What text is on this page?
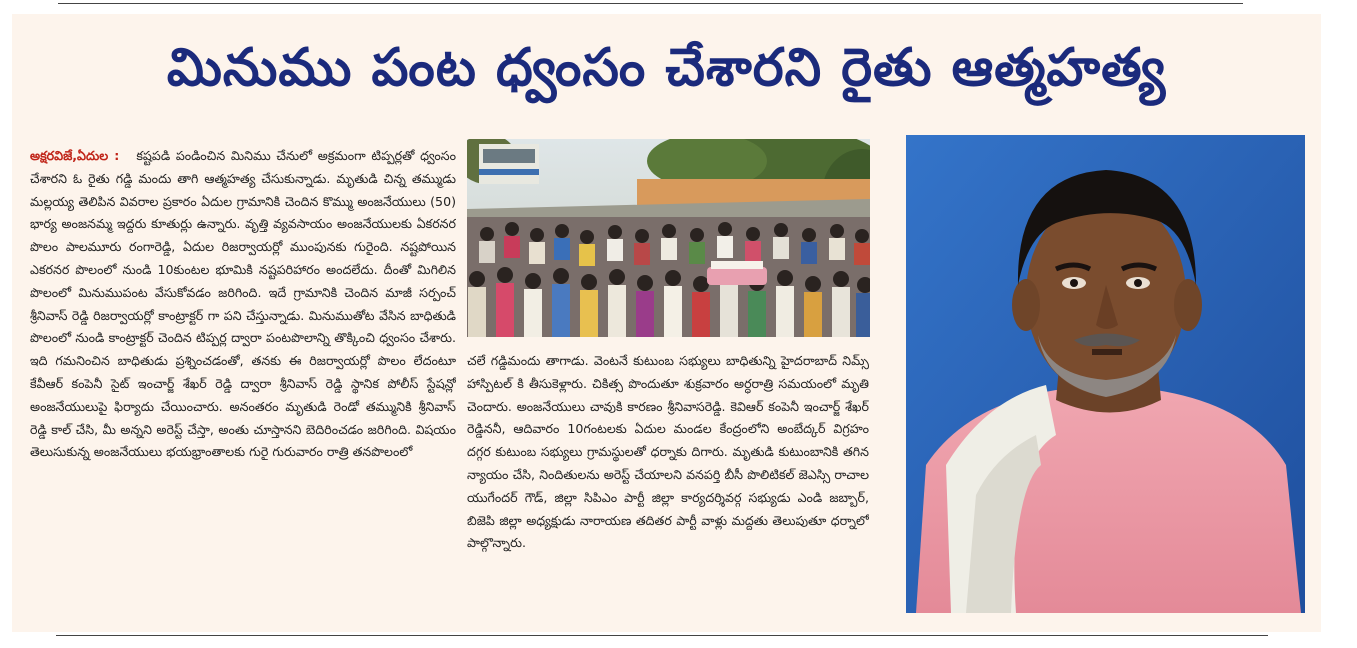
మినుము పంట ధ్వంసం చేశారని రైతు ఆత్మహత్య
అక్షరవిజే,ఏదుల : కష్టపడి పండించిన మినిము చేనులో అక్రమంగా టిప్పర్లతో ధ్వంసం చేశారని ఓ రైతు గడ్డి మందు తాగి ఆత్మహత్య చేసుకున్నాడు. మృతుడి చిన్న తమ్ముడు మల్లయ్య తెలిపిన వివరాల ప్రకారం ఏదుల గ్రామానికి చెందిన కొమ్ము అంజనేయులు (50) భార్య అంజనమ్మ ఇద్దరు కూతుర్లు ఉన్నారు. వృత్తి వ్యవసాయం అంజనేయులకు ఏకరనర పొలం పాలమూరు రంగారెడ్డి, ఏదుల రిజర్వాయర్లో ముంపునకు గురైంది. నష్టపోయిన ఎకరనర పొలంలో నుండి 10కుంటల భూమికి నష్టపరిహారం అందలేదు. దీంతో మిగిలిన పొలంలో మినుముపంట వేసుకోవడం జరిగింది. ఇదే గ్రామానికి చెందిన మాజీ సర్పంచ్ శ్రీనివాస్ రెడ్డి రిజర్వాయర్లో కాంట్రాక్టర్ గా పని చేస్తున్నాడు. మినుముతోట వేసిన బాధితుడి పొలంలో నుండి కాంట్రాక్టర్ చెందిన టిప్పర్ల ద్వారా పంటపొలాన్ని తొక్కించి ధ్వంసం చేశారు. ఇది గమనించిన బాధితుడు ప్రశ్నించడంతో, తనకు ఈ రిజర్వాయర్లో పొలం లేదంటూ కేవీఆర్ కంపెనీ సైట్ ఇంచార్జ్ శేఖర్ రెడ్డి ద్వారా శ్రీనివాస్ రెడ్డి స్థానిక పోలీస్ స్టేషన్లో అంజనేయులుపై ఫిర్యాదు చేయించారు. అనంతరం మృతుడి రెండో తమ్మునికి శ్రీనివాస్ రెడ్డి కాల్ చేసి, మీ అన్నని అరెస్ట్ చేస్తా, అంతు చూస్తానని బెదిరించడం జరిగింది. విషయం తెలుసుకున్న అంజనేయులు భయభ్రాంతాలకు గురై గురువారం రాత్రి తనపొలంలో
చలే గడ్డిమందు తాగాడు. వెంటనే కుటుంబ సభ్యులు బాధితున్ని హైదరాబాద్ నిమ్స్ హాస్పిటల్ కి తీసుకెళ్లారు. చికిత్స పొందుతూ శుక్రవారం అర్ధరాత్రి సమయంలో మృతి చెందారు. అంజనేయులు చావుకి కారణం శ్రీనివాసరెడ్డి. కెవిఆర్ కంపెనీ ఇంచార్జ్ శేఖర్ రెడ్డిననీ, ఆదివారం 10గంటలకు ఏదుల మండల కేంద్రంలోని అంబేద్కర్ విగ్రహం దగ్గర కుటుంబ సభ్యులు గ్రామస్థులతో ధర్నాకు దిగారు. మృతుడి కుటుంబానికి తగిన న్యాయం చేసి, నిందితులను అరెస్ట్ చేయాలని వనపర్తి బీసీ పొలిటికల్ జెఎస్సి రాచాల యుగేందర్ గౌడ్, జిల్లా సిపిఎం పార్టీ జిల్లా కార్యదర్శివర్గ సభ్యుడు ఎండి జబ్బార్, బిజెపి జిల్లా అధ్యక్షుడు నారాయణ తదితర పార్టీ వాళ్లు మద్దతు తెలుపుతూ ధర్నాలో పాల్గొన్నారు.
